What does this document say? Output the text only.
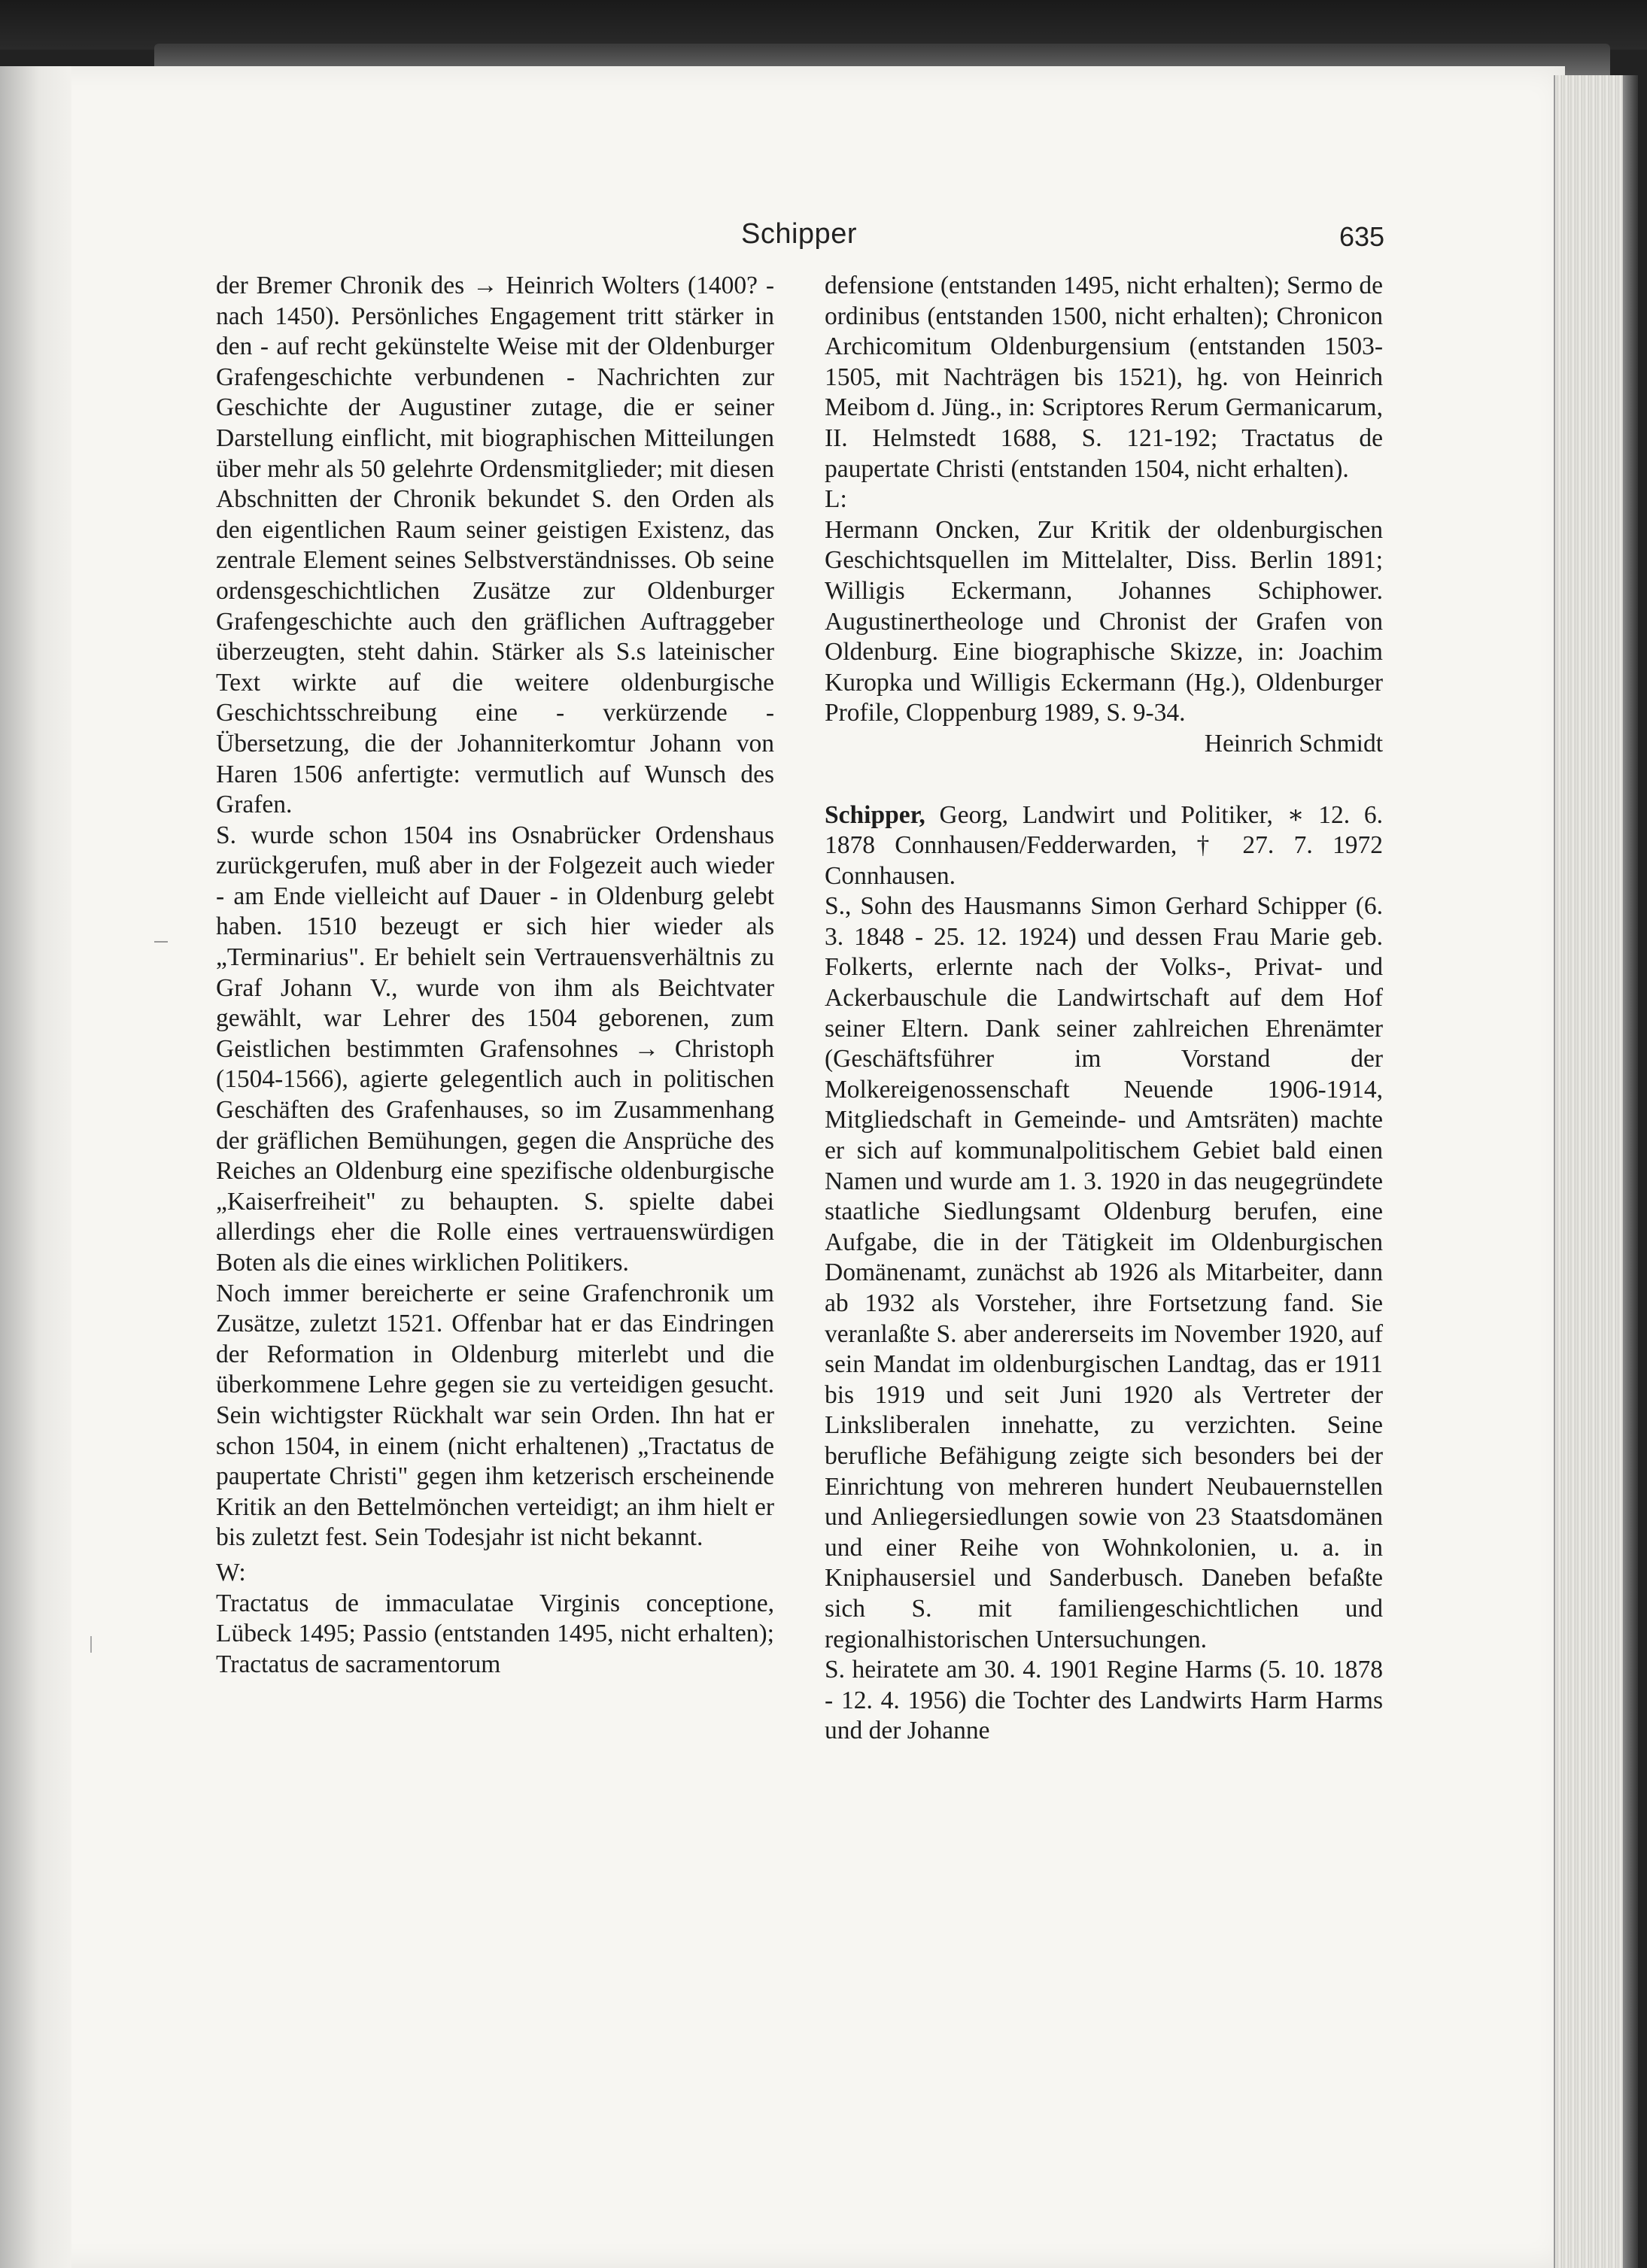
Schipper	635

der Bremer Chronik des → Heinrich Wolters (1400? - nach 1450). Persönliches Engagement tritt stärker in den - auf recht gekünstelte Weise mit der Oldenburger Grafengeschichte verbundenen - Nachrichten zur Geschichte der Augustiner zutage, die er seiner Darstellung einflicht, mit biographischen Mitteilungen über mehr als 50 gelehrte Ordensmitglieder; mit diesen Abschnitten der Chronik bekundet S. den Orden als den eigentlichen Raum seiner geistigen Existenz, das zentrale Element seines Selbstverständnisses. Ob seine ordensgeschichtlichen Zusätze zur Oldenburger Grafengeschichte auch den gräflichen Auftraggeber überzeugten, steht dahin. Stärker als S.s lateinischer Text wirkte auf die weitere oldenburgische Geschichtsschreibung eine - verkürzende - Übersetzung, die der Johanniterkomtur Johann von Haren 1506 anfertigte: vermutlich auf Wunsch des Grafen.

S. wurde schon 1504 ins Osnabrücker Ordenshaus zurückgerufen, muß aber in der Folgezeit auch wieder - am Ende vielleicht auf Dauer - in Oldenburg gelebt haben. 1510 bezeugt er sich hier wieder als „Terminarius". Er behielt sein Vertrauensverhältnis zu Graf Johann V., wurde von ihm als Beichtvater gewählt, war Lehrer des 1504 geborenen, zum Geistlichen bestimmten Grafensohnes → Christoph (1504-1566), agierte gelegentlich auch in politischen Geschäften des Grafenhauses, so im Zusammenhang der gräflichen Bemühungen, gegen die Ansprüche des Reiches an Oldenburg eine spezifische oldenburgische „Kaiserfreiheit" zu behaupten. S. spielte dabei allerdings eher die Rolle eines vertrauenswürdigen Boten als die eines wirklichen Politikers.

Noch immer bereicherte er seine Grafenchronik um Zusätze, zuletzt 1521. Offenbar hat er das Eindringen der Reformation in Oldenburg miterlebt und die überkommene Lehre gegen sie zu verteidigen gesucht. Sein wichtigster Rückhalt war sein Orden. Ihn hat er schon 1504, in einem (nicht erhaltenen) „Tractatus de paupertate Christi" gegen ihm ketzerisch erscheinende Kritik an den Bettelmönchen verteidigt; an ihm hielt er bis zuletzt fest. Sein Todesjahr ist nicht bekannt.

W:

Tractatus de immaculatae Virginis conceptione, Lübeck 1495; Passio (entstanden 1495, nicht erhalten); Tractatus de sacramentorum

defensione (entstanden 1495, nicht erhalten); Sermo de ordinibus (entstanden 1500, nicht erhalten); Chronicon Archicomitum Oldenburgensium (entstanden 1503-1505, mit Nachträgen bis 1521), hg. von Heinrich Meibom d. Jüng., in: Scriptores Rerum Germanicarum, II. Helmstedt 1688, S. 121-192; Tractatus de paupertate Christi (entstanden 1504, nicht erhalten).

L:

Hermann Oncken, Zur Kritik der oldenburgischen Geschichtsquellen im Mittelalter, Diss. Berlin 1891; Willigis Eckermann, Johannes Schiphower. Augustinertheologe und Chronist der Grafen von Oldenburg. Eine biographische Skizze, in: Joachim Kuropka und Willigis Eckermann (Hg.), Oldenburger Profile, Cloppenburg 1989, S. 9-34.

Heinrich Schmidt

Schipper, Georg, Landwirt und Politiker, ∗ 12. 6. 1878 Connhausen/Fedderwarden, † 27. 7. 1972 Connhausen.

S., Sohn des Hausmanns Simon Gerhard Schipper (6. 3. 1848 - 25. 12. 1924) und dessen Frau Marie geb. Folkerts, erlernte nach der Volks-, Privat- und Ackerbauschule die Landwirtschaft auf dem Hof seiner Eltern. Dank seiner zahlreichen Ehrenämter (Geschäftsführer im Vorstand der Molkereigenossenschaft Neuende 1906-1914, Mitgliedschaft in Gemeinde- und Amtsräten) machte er sich auf kommunalpolitischem Gebiet bald einen Namen und wurde am 1. 3. 1920 in das neugegründete staatliche Siedlungsamt Oldenburg berufen, eine Aufgabe, die in der Tätigkeit im Oldenburgischen Domänenamt, zunächst ab 1926 als Mitarbeiter, dann ab 1932 als Vorsteher, ihre Fortsetzung fand. Sie veranlaßte S. aber andererseits im November 1920, auf sein Mandat im oldenburgischen Landtag, das er 1911 bis 1919 und seit Juni 1920 als Vertreter der Linksliberalen innehatte, zu verzichten. Seine berufliche Befähigung zeigte sich besonders bei der Einrichtung von mehreren hundert Neubauernstellen und Anliegersiedlungen sowie von 23 Staatsdomänen und einer Reihe von Wohnkolonien, u. a. in Kniphausersiel und Sanderbusch. Daneben befaßte sich S. mit familiengeschichtlichen und regionalhistorischen Untersuchungen.

S. heiratete am 30. 4. 1901 Regine Harms (5. 10. 1878 - 12. 4. 1956) die Tochter des Landwirts Harm Harms und der Johanne
